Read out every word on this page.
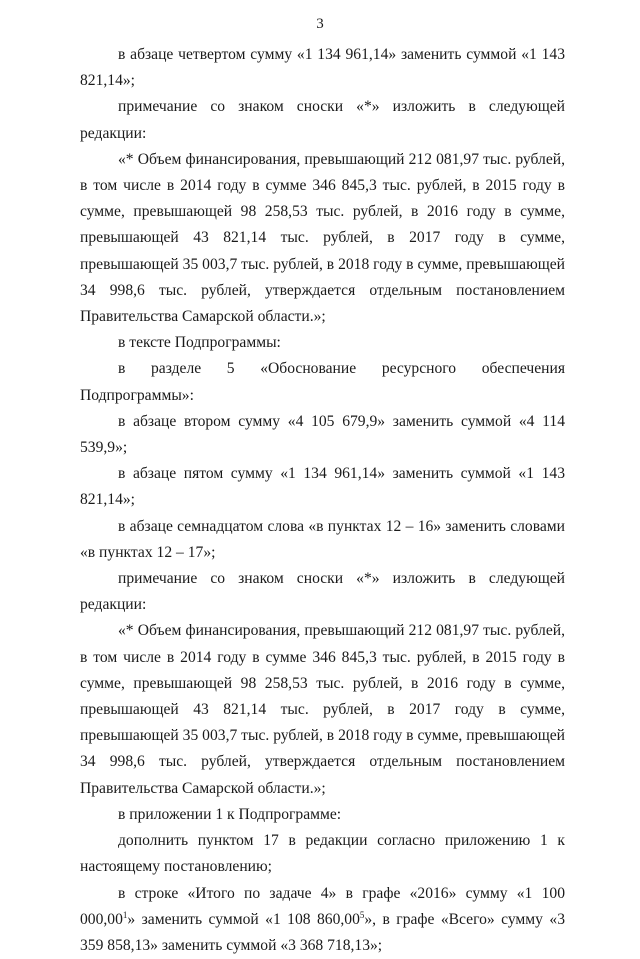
3

в абзаце четвертом сумму «1 134 961,14» заменить суммой «1 143 821,14»;

примечание со знаком сноски «*» изложить в следующей редакции:

«* Объем финансирования, превышающий 212 081,97 тыс. рублей, в том числе в 2014 году в сумме 346 845,3 тыс. рублей, в 2015 году в сумме, превышающей 98 258,53 тыс. рублей, в 2016 году в сумме, превышающей 43 821,14 тыс. рублей, в 2017 году в сумме, превышающей 35 003,7 тыс. рублей, в 2018 году в сумме, превышающей 34 998,6 тыс. рублей, утверждается отдельным постановлением Правительства Самарской области.»;

в тексте Подпрограммы:

в разделе 5 «Обоснование ресурсного обеспечения Подпрограммы»:

в абзаце втором сумму «4 105 679,9» заменить суммой «4 114 539,9»;

в абзаце пятом сумму «1 134 961,14» заменить суммой «1 143 821,14»;

в абзаце семнадцатом слова «в пунктах 12 – 16» заменить словами «в пунктах 12 – 17»;

примечание со знаком сноски «*» изложить в следующей редакции:

«* Объем финансирования, превышающий 212 081,97 тыс. рублей, в том числе в 2014 году в сумме 346 845,3 тыс. рублей, в 2015 году в сумме, превышающей 98 258,53 тыс. рублей, в 2016 году в сумме, превышающей 43 821,14 тыс. рублей, в 2017 году в сумме, превышающей 35 003,7 тыс. рублей, в 2018 году в сумме, превышающей 34 998,6 тыс. рублей, утверждается отдельным постановлением Правительства Самарской области.»;

в приложении 1 к Подпрограмме:

дополнить пунктом 17 в редакции согласно приложению 1 к настоящему постановлению;

в строке «Итого по задаче 4» в графе «2016» сумму «1 100 000,00$^1$» заменить суммой «1 108 860,00$^5$», в графе «Всего» сумму «3 359 858,13» заменить суммой «3 368 718,13»;
